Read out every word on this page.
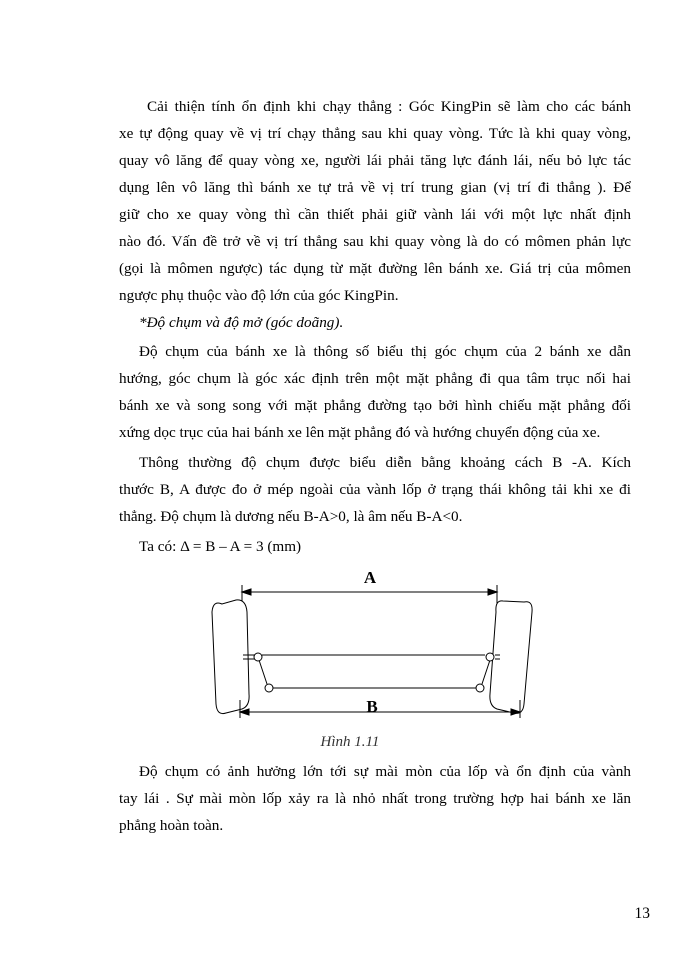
Cải thiện tính ổn định khi chạy thẳng : Góc KingPin sẽ làm cho các bánh
xe tự động quay về vị trí chạy thẳng sau khi quay vòng. Tức là khi quay vòng,
quay vô lăng để quay vòng xe, người lái phải tăng lực đánh lái, nếu bỏ lực tác
dụng lên vô lăng thì bánh xe tự trả về vị trí trung gian (vị trí đi thẳng ). Để
giữ cho xe quay vòng thì cần thiết phải giữ vành lái với một lực nhất định
nào đó. Vấn đề trở về vị trí thẳng sau khi quay vòng là do có mômen phản lực
(gọi là mômen ngược) tác dụng từ mặt đường lên bánh xe. Giá trị của mômen
ngược phụ thuộc vào độ lớn của góc KingPin.
*Độ chụm và độ mở (góc doãng).
Độ chụm của bánh xe là thông số biểu thị góc chụm của 2 bánh xe dẫn
hướng, góc chụm là góc xác định trên một mặt phẳng đi qua tâm trục nối hai
bánh xe và song song với mặt phẳng đường tạo bởi hình chiếu mặt phẳng đối
xứng dọc trục của hai bánh xe lên mặt phẳng đó và hướng chuyển động của xe.
Thông thường độ chụm được biểu diễn bằng khoảng cách B -A. Kích
thước B, A được đo ở mép ngoài của vành lốp ở trạng thái không tải khi xe đi
thẳng. Độ chụm là dương nếu B-A>0, là âm nếu B-A<0.
Ta có: Δ = B – A = 3 (mm)
A
B
Hình 1.11
Độ chụm có ảnh hưởng lớn tới sự mài mòn của lốp và ổn định của vành
tay lái . Sự mài mòn lốp xảy ra là nhỏ nhất trong trường hợp hai bánh xe lăn
phẳng hoàn toàn.
13
